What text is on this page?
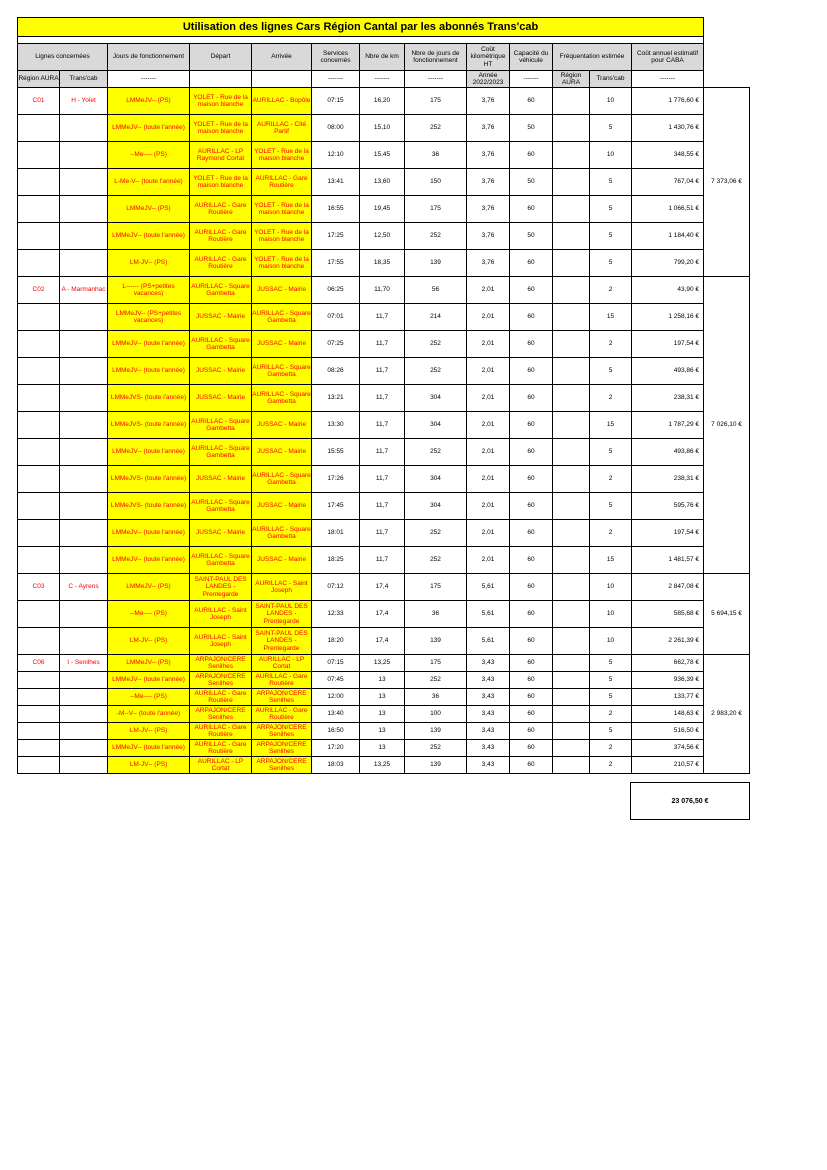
Utilisation des lignes Cars Région Cantal par les abonnés Trans'cab													

Lignes concernées		Jours de fonctionnement	Départ	Arrivée	Services concernés	Nbre de km	Nbre de jours de fonctionnement	Coût kilométrique HT	Capacité du véhicule	Fréquentation estimée		Coût annuel estimatif pour CABA	
Région AURA	Trans'cab	-------			-------	-------	-------	Année 2022/2023	-------	Région AURA	Trans'cab	-------	
C01	H - Yolet	LMMeJV-- (PS)	YOLET - Rue de la maison blanche	AURILLAC - Bopôle	07:15	16,20	175	3,76	60		10	1 776,60 €	7 373,06 €
		LMMeJV-- (toute l'année)	YOLET - Rue de la maison blanche	AURILLAC - Cité Parlif	08:00	15,10	252	3,76	50		5	1 430,76 €	
		--Me---- (PS)	AURILLAC - LP Raymond Cortat	YOLET - Rue de la maison blanche	12:10	15,45	36	3,76	60		10	348,55 €	
		L-Me-V-- (toute l'année)	YOLET - Rue de la maison blanche	AURILLAC - Gare Routière	13:41	13,60	150	3,76	50		5	767,04 €	
		LMMeJV-- (PS)	AURILLAC - Gare Routière	YOLET - Rue de la maison blanche	16:55	19,45	175	3,76	60		5	1 066,51 €	
		LMMeJV-- (toute l'année)	AURILLAC - Gare Routière	YOLET - Rue de la maison blanche	17:25	12,50	252	3,76	50		5	1 184,40 €	
		LM-JV-- (PS)	AURILLAC - Gare Routière	YOLET - Rue de la maison blanche	17:55	18,35	139	3,76	60		5	799,20 €	
C02	A - Marmanhac	L------ (PS+petites vacances)	AURILLAC - Square Gambetta	JUSSAC - Mairie	06:25	11,70	56	2,01	60		2	43,90 €	7 026,10 €
		LMMeJV-- (PS+petites vacances)	JUSSAC - Mairie	AURILLAC - Square Gambetta	07:01	11,7	214	2,01	60		15	1 258,16 €	
		LMMeJV-- (toute l'année)	AURILLAC - Square Gambetta	JUSSAC - Mairie	07:25	11,7	252	2,01	60		2	197,54 €	
		LMMeJV-- (toute l'année)	JUSSAC - Mairie	AURILLAC - Square Gambetta	08:26	11,7	252	2,01	60		5	493,86 €	
		LMMeJVS- (toute l'année)	JUSSAC - Mairie	AURILLAC - Square Gambetta	13:21	11,7	304	2,01	60		2	238,31 €	
		LMMeJVS- (toute l'année)	AURILLAC - Square Gambetta	JUSSAC - Mairie	13:30	11,7	304	2,01	60		15	1 787,29 €	
		LMMeJV-- (toute l'année)	AURILLAC - Square Gambetta	JUSSAC - Mairie	15:55	11,7	252	2,01	60		5	493,86 €	
		LMMeJVS- (toute l'année)	JUSSAC - Mairie	AURILLAC - Square Gambetta	17:26	11,7	304	2,01	60		2	238,31 €	
		LMMeJVS- (toute l'année)	AURILLAC - Square Gambetta	JUSSAC - Mairie	17:45	11,7	304	2,01	60		5	595,76 €	
		LMMeJV-- (toute l'année)	JUSSAC - Mairie	AURILLAC - Square Gambetta	18:01	11,7	252	2,01	60		2	197,54 €	
		LMMeJV-- (toute l'année)	AURILLAC - Square Gambetta	JUSSAC - Mairie	18:25	11,7	252	2,01	60		15	1 481,57 €	
C03	C - Ayrens	LMMeJV-- (PS)	SAINT-PAUL DES LANDES - Prentegarde	AURILLAC - Saint Joseph	07:12	17,4	175	5,61	60		10	2 847,08 €	5 694,15 €
		--Me---- (PS)	AURILLAC - Saint Joseph	SAINT-PAUL DES LANDES - Prentegarde	12:33	17,4	36	5,61	60		10	585,68 €	
		LM-JV-- (PS)	AURILLAC - Saint Joseph	SAINT-PAUL DES LANDES - Prentegarde	18:20	17,4	139	5,61	60		10	2 261,39 €	
C06	I - Senilhes	LMMeJV-- (PS)	ARPAJON/CERE Senilhes	AURILLAC - LP Cortat	07:15	13,25	175	3,43	60		5	662,78 €	2 983,20 €
		LMMeJV-- (toute l'année)	ARPAJON/CERE Senilhes	AURILLAC - Gare Routière	07:45	13	252	3,43	60		5	936,39 €	
		--Me---- (PS)	AURILLAC - Gare Routière	ARPAJON/CERE Senilhes	12:00	13	36	3,43	60		5	133,77 €	
		-M--V-- (toute l'année)	ARPAJON/CERE Senilhes	AURILLAC - Gare Routière	13:40	13	100	3,43	60		2	148,63 €	
		LM-JV-- (PS)	AURILLAC - Gare Routière	ARPAJON/CERE Senilhes	16:50	13	139	3,43	60		5	516,50 €	
		LMMeJV-- (toute l'année)	AURILLAC - Gare Routière	ARPAJON/CERE Senilhes	17:20	13	252	3,43	60		2	374,56 €	
		LM-JV-- (PS)	AURILLAC - LP Cortat	ARPAJON/CERE Senilhes	18:03	13,25	139	3,43	60		2	210,57 €	
23 076,50 €
